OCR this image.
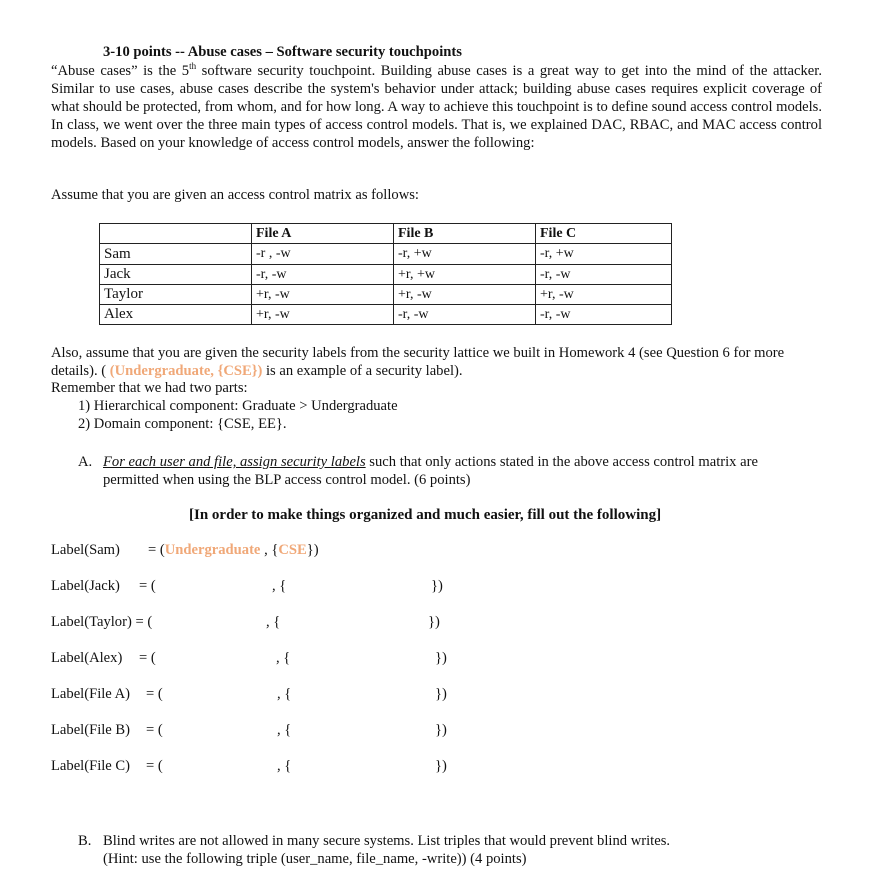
3-10 points -- Abuse cases – Software security touchpoints
“Abuse cases” is the 5th software security touchpoint. Building abuse cases is a great way to get into the mind of the attacker. Similar to use cases, abuse cases describe the system's behavior under attack; building abuse cases requires explicit coverage of what should be protected, from whom, and for how long. A way to achieve this touchpoint is to define sound access control models. In class, we went over the three main types of access control models. That is, we explained DAC, RBAC, and MAC access control models. Based on your knowledge of access control models, answer the following:
Assume that you are given an access control matrix as follows:
	File A	File B	File C
Sam	-r , -w	-r, +w	-r, +w
Jack	-r, -w	+r, +w	-r, -w
Taylor	+r, -w	+r, -w	+r, -w
Alex	+r, -w	-r, -w	-r, -w
Also, assume that you are given the security labels from the security lattice we built in Homework 4 (see Question 6 for more details). ( (Undergraduate, {CSE}) is an example of a security label).
Remember that we had two parts:
1) Hierarchical component: Graduate > Undergraduate
2) Domain component: {CSE, EE}.
A. For each user and file, assign security labels such that only actions stated in the above access control matrix are
permitted when using the BLP access control model. (6 points)
[In order to make things organized and much easier, fill out the following]
Label(Sam) = (Undergraduate , {CSE})
Label(Jack) = (	, {	})
Label(Taylor) = (	, {	})
Label(Alex) = (	, {	})
Label(File A) = (	, {	})
Label(File B) = (	, {	})
Label(File C) = (	, {	})
B. Blind writes are not allowed in many secure systems. List triples that would prevent blind writes.
(Hint: use the following triple (user_name, file_name, -write)) (4 points)
